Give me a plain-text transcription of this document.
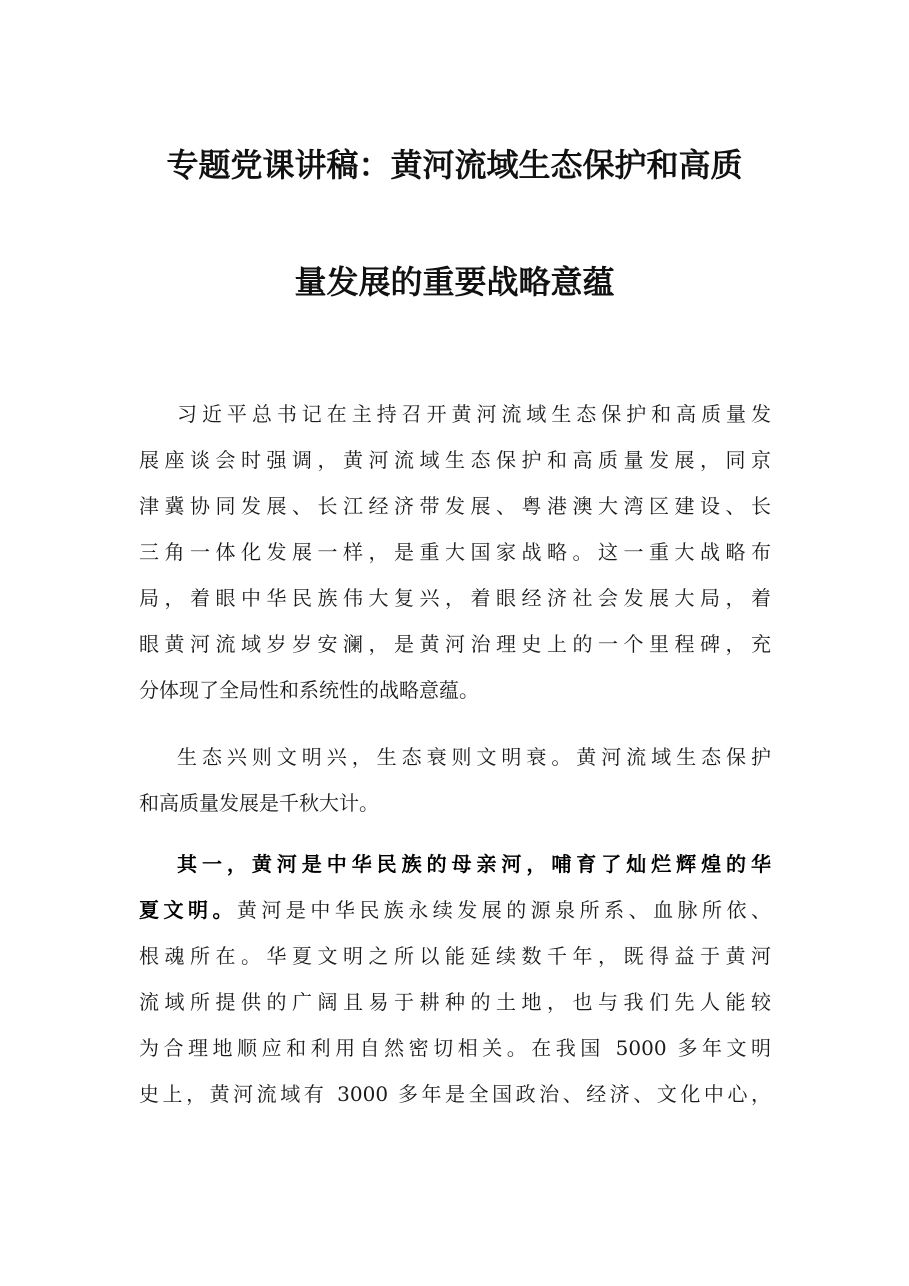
专题党课讲稿：黄河流域生态保护和高质
量发展的重要战略意蕴
习近平总书记在主持召开黄河流域生态保护和高质量发
展座谈会时强调，黄河流域生态保护和高质量发展，同京
津冀协同发展、长江经济带发展、粤港澳大湾区建设、长
三角一体化发展一样，是重大国家战略。这一重大战略布
局，着眼中华民族伟大复兴，着眼经济社会发展大局，着
眼黄河流域岁岁安澜，是黄河治理史上的一个里程碑，充
分体现了全局性和系统性的战略意蕴。
生态兴则文明兴，生态衰则文明衰。黄河流域生态保护
和高质量发展是千秋大计。
其一，黄河是中华民族的母亲河，哺育了灿烂辉煌的华
夏文明。黄河是中华民族永续发展的源泉所系、血脉所依、
根魂所在。华夏文明之所以能延续数千年，既得益于黄河
流域所提供的广阔且易于耕种的土地，也与我们先人能较
为合理地顺应和利用自然密切相关。在我国 5000 多年文明
史上，黄河流域有 3000 多年是全国政治、经济、文化中心，
